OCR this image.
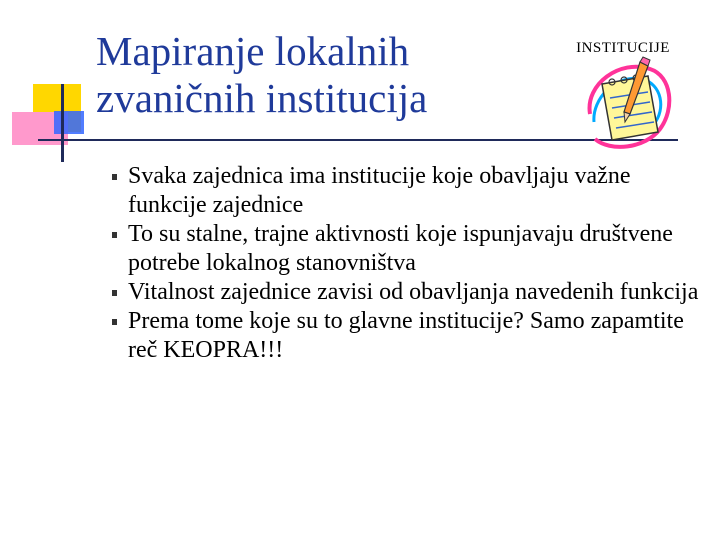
Mapiranje lokalnih
zvaničnih institucija
INSTITUCIJE
Svaka zajednica ima institucije koje obavljaju važne funkcije zajednice
To su stalne, trajne aktivnosti koje ispunjavaju društvene potrebe lokalnog stanovništva
Vitalnost zajednice zavisi od obavljanja navedenih funkcija
Prema tome koje su to glavne institucije? Samo zapamtite reč KEOPRA!!!
